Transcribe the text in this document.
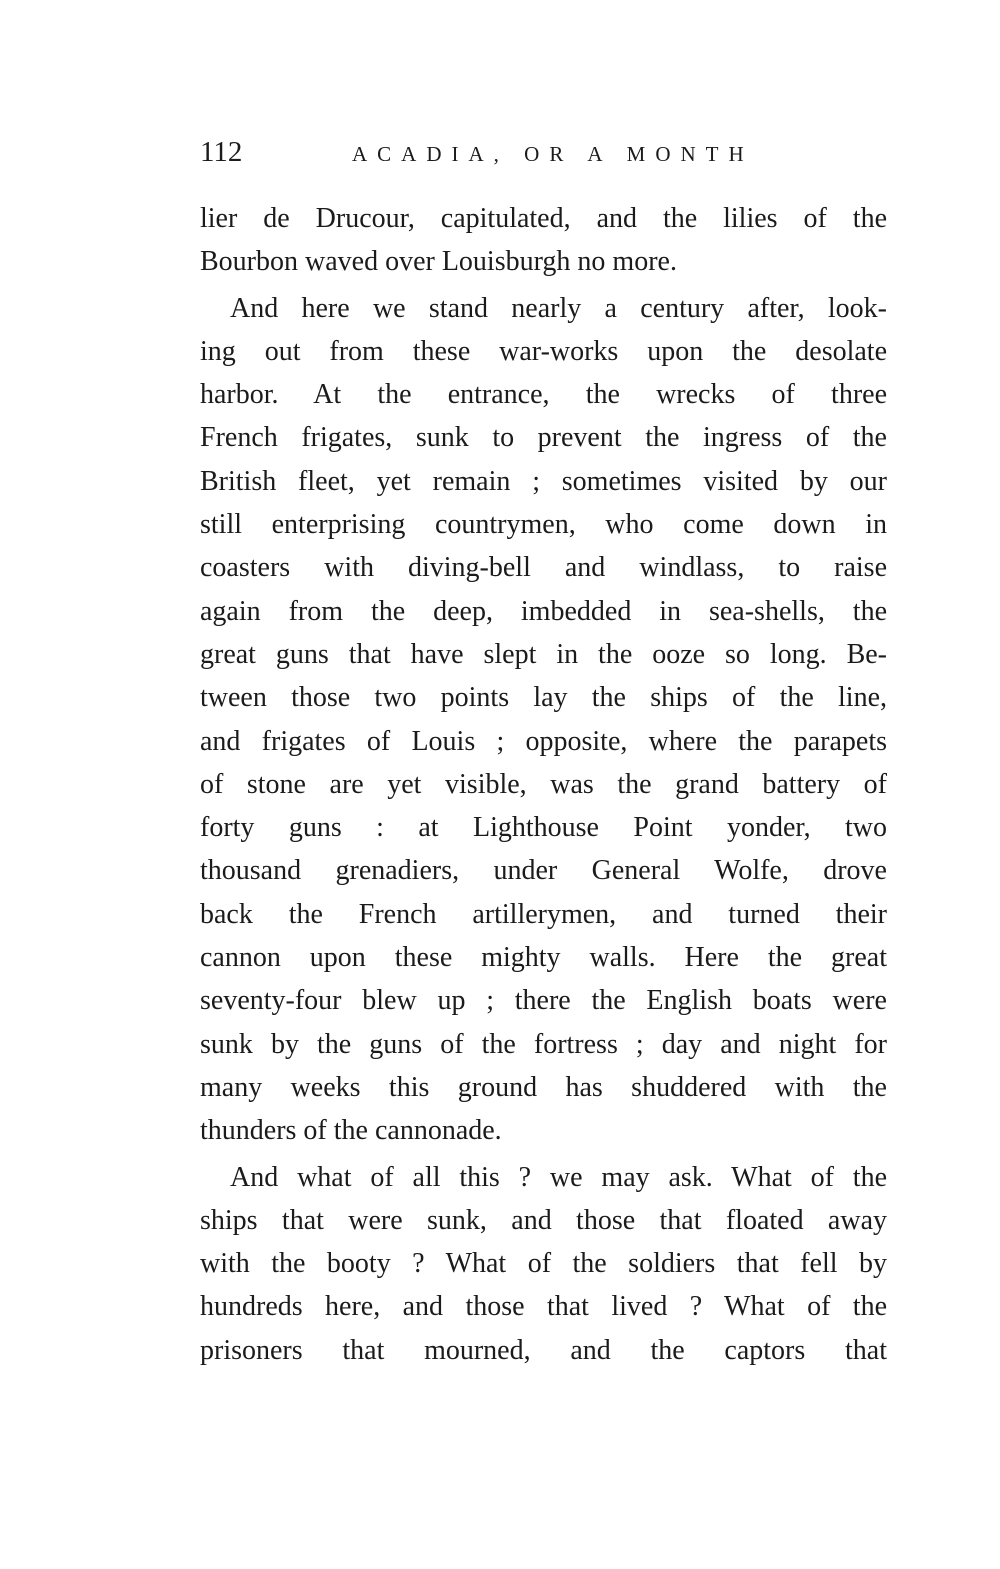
112	ACADIA, OR A MONTH
lier de Drucour, capitulated, and the lilies of the
Bourbon waved over Louisburgh no more.
And here we stand nearly a century after, look-
ing out from these war-works upon the desolate
harbor. At the entrance, the wrecks of three
French frigates, sunk to prevent the ingress of the
British fleet, yet remain ; sometimes visited by our
still enterprising countrymen, who come down in
coasters with diving-bell and windlass, to raise
again from the deep, imbedded in sea-shells, the
great guns that have slept in the ooze so long. Be-
tween those two points lay the ships of the line,
and frigates of Louis ; opposite, where the parapets
of stone are yet visible, was the grand battery of
forty guns : at Lighthouse Point yonder, two
thousand grenadiers, under General Wolfe, drove
back the French artillerymen, and turned their
cannon upon these mighty walls. Here the great
seventy-four blew up ; there the English boats were
sunk by the guns of the fortress ; day and night for
many weeks this ground has shuddered with the
thunders of the cannonade.
And what of all this ? we may ask. What of the
ships that were sunk, and those that floated away
with the booty ? What of the soldiers that fell by
hundreds here, and those that lived ? What of the
prisoners that mourned, and the captors that
